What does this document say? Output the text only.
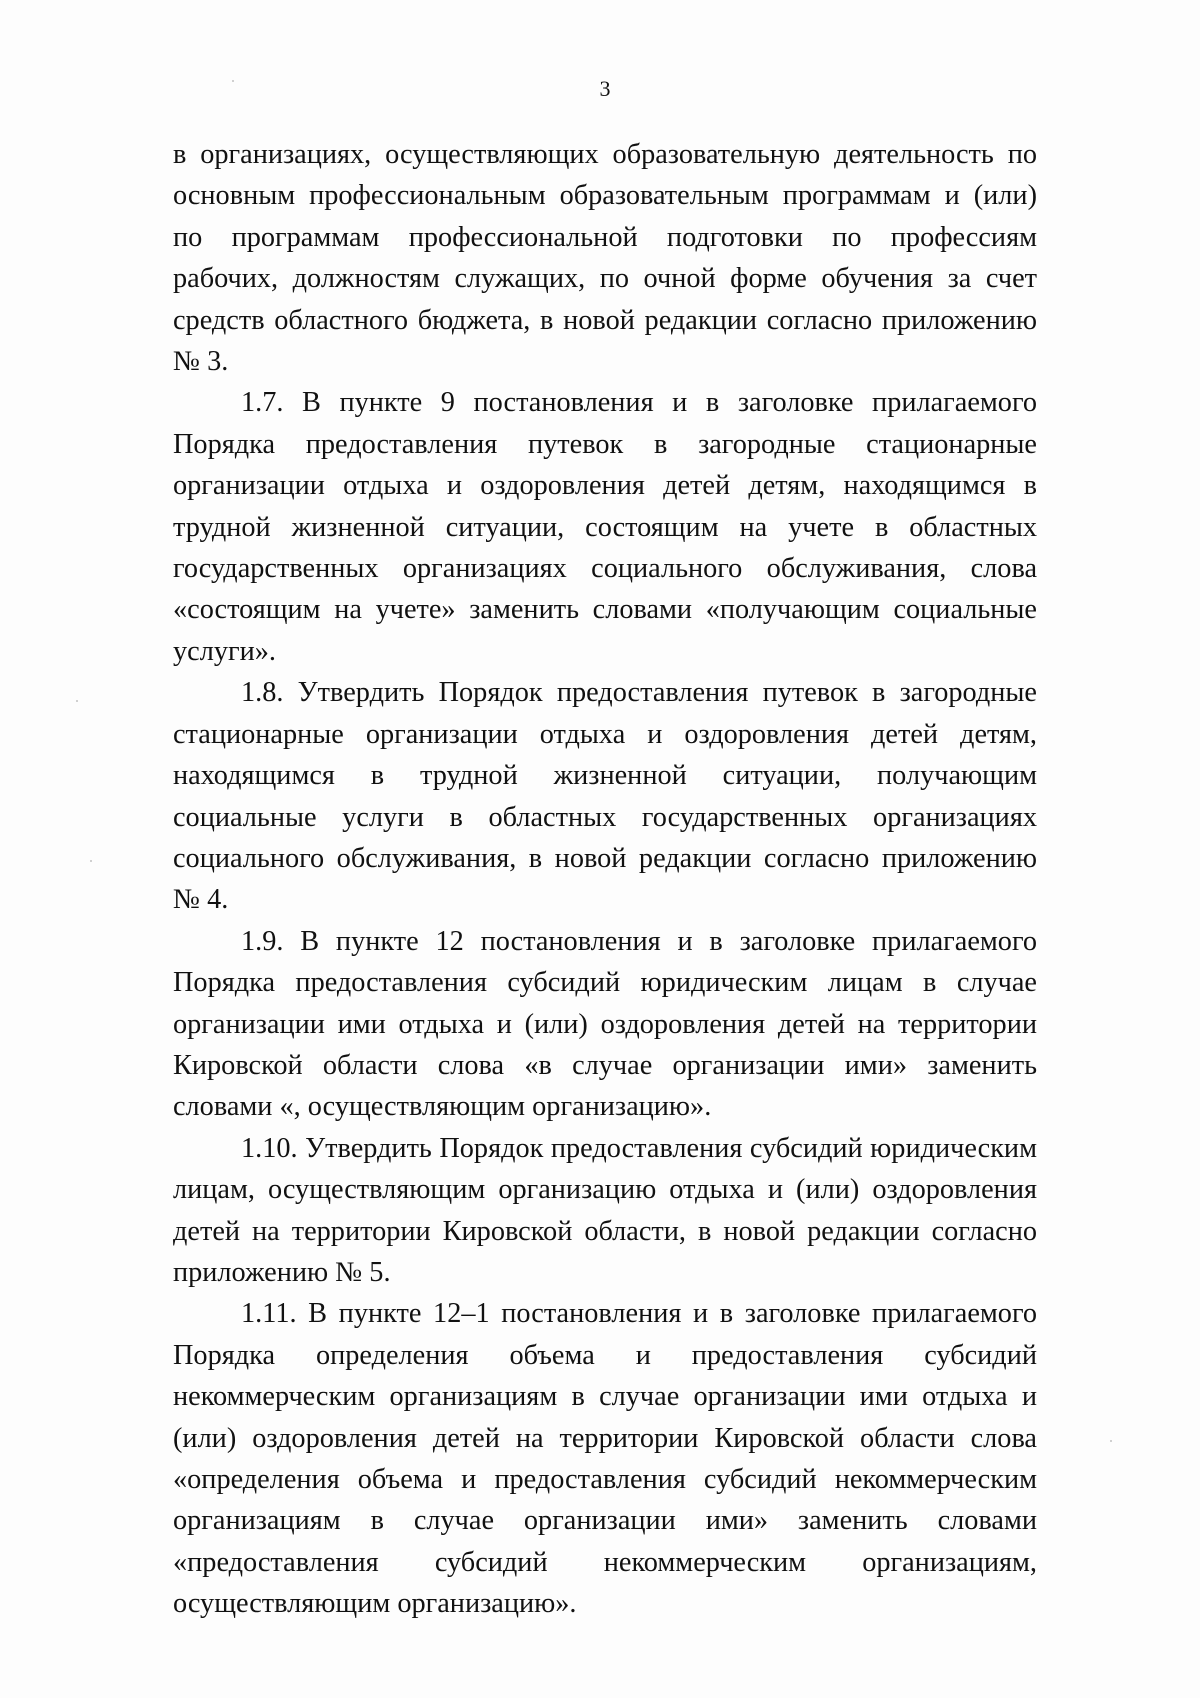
3

в организациях, осуществляющих образовательную деятельность по основным профессиональным образовательным программам и (или) по программам профессиональной подготовки по профессиям рабочих, должностям служащих, по очной форме обучения за счет средств областного бюджета, в новой редакции согласно приложению № 3.

1.7. В пункте 9 постановления и в заголовке прилагаемого Порядка предоставления путевок в загородные стационарные организации отдыха и оздоровления детей детям, находящимся в трудной жизненной ситуации, состоящим на учете в областных государственных организациях социального обслуживания, слова «состоящим на учете» заменить словами «получающим социальные услуги».

1.8. Утвердить Порядок предоставления путевок в загородные стационарные организации отдыха и оздоровления детей детям, находящимся в трудной жизненной ситуации, получающим социальные услуги в областных государственных организациях социального обслуживания, в новой редакции согласно приложению № 4.

1.9. В пункте 12 постановления и в заголовке прилагаемого Порядка предоставления субсидий юридическим лицам в случае организации ими отдыха и (или) оздоровления детей на территории Кировской области слова «в случае организации ими» заменить словами «, осуществляющим организацию».

1.10. Утвердить Порядок предоставления субсидий юридическим лицам, осуществляющим организацию отдыха и (или) оздоровления детей на территории Кировской области, в новой редакции согласно приложению № 5.

1.11. В пункте 12–1 постановления и в заголовке прилагаемого Порядка определения объема и предоставления субсидий некоммерческим организациям в случае организации ими отдыха и (или) оздоровления детей на территории Кировской области слова «определения объема и предоставления субсидий некоммерческим организациям в случае организации ими» заменить словами «предоставления субсидий некоммерческим организациям, осуществляющим организацию».
